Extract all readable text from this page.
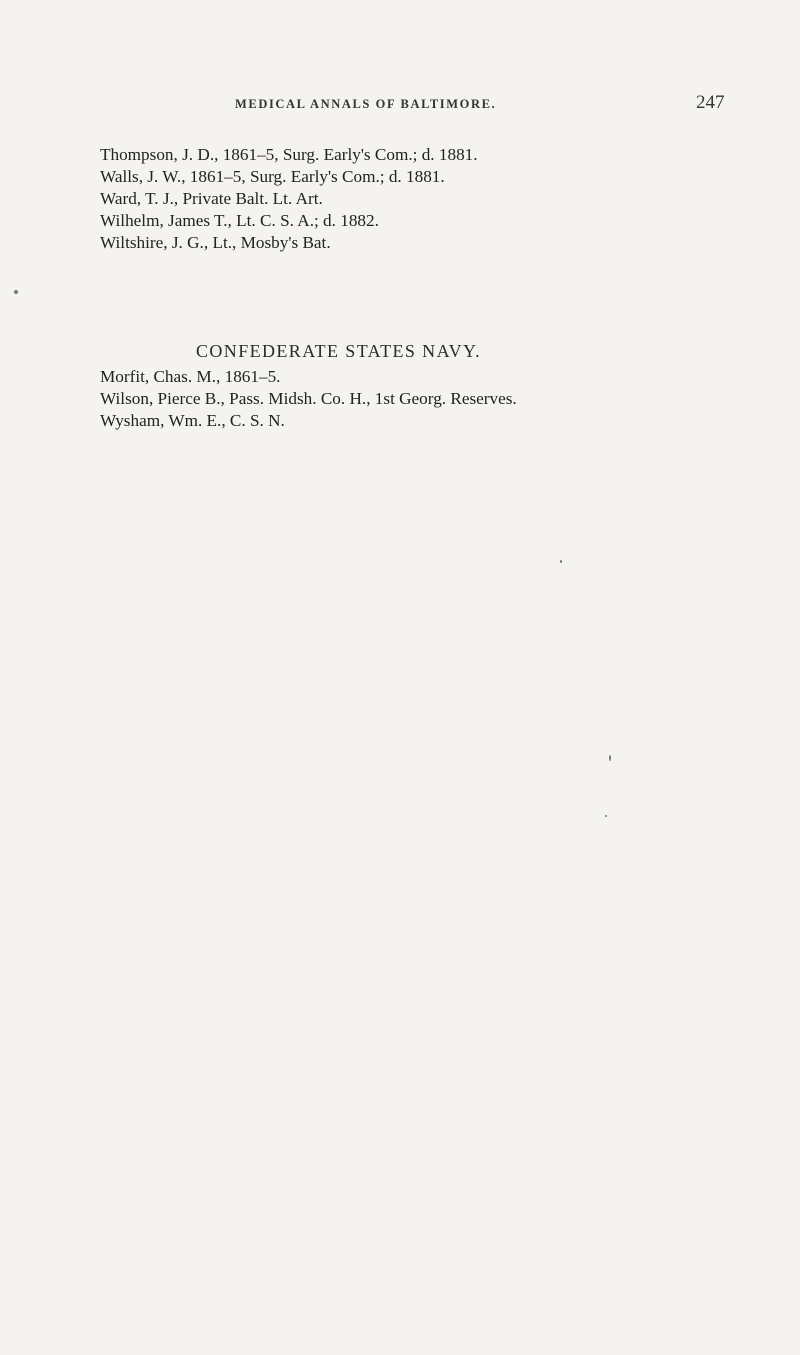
MEDICAL ANNALS OF BALTIMORE.	247
Thompson, J. D., 1861–5, Surg. Early's Com.; d. 1881.
Walls, J. W., 1861–5, Surg. Early's Com.; d. 1881.
Ward, T. J., Private Balt. Lt. Art.
Wilhelm, James T., Lt. C. S. A.; d. 1882.
Wiltshire, J. G., Lt., Mosby's Bat.
CONFEDERATE STATES NAVY.
Morfit, Chas. M., 1861–5.
Wilson, Pierce B., Pass. Midsh. Co. H., 1st Georg. Reserves.
Wysham, Wm. E., C. S. N.
